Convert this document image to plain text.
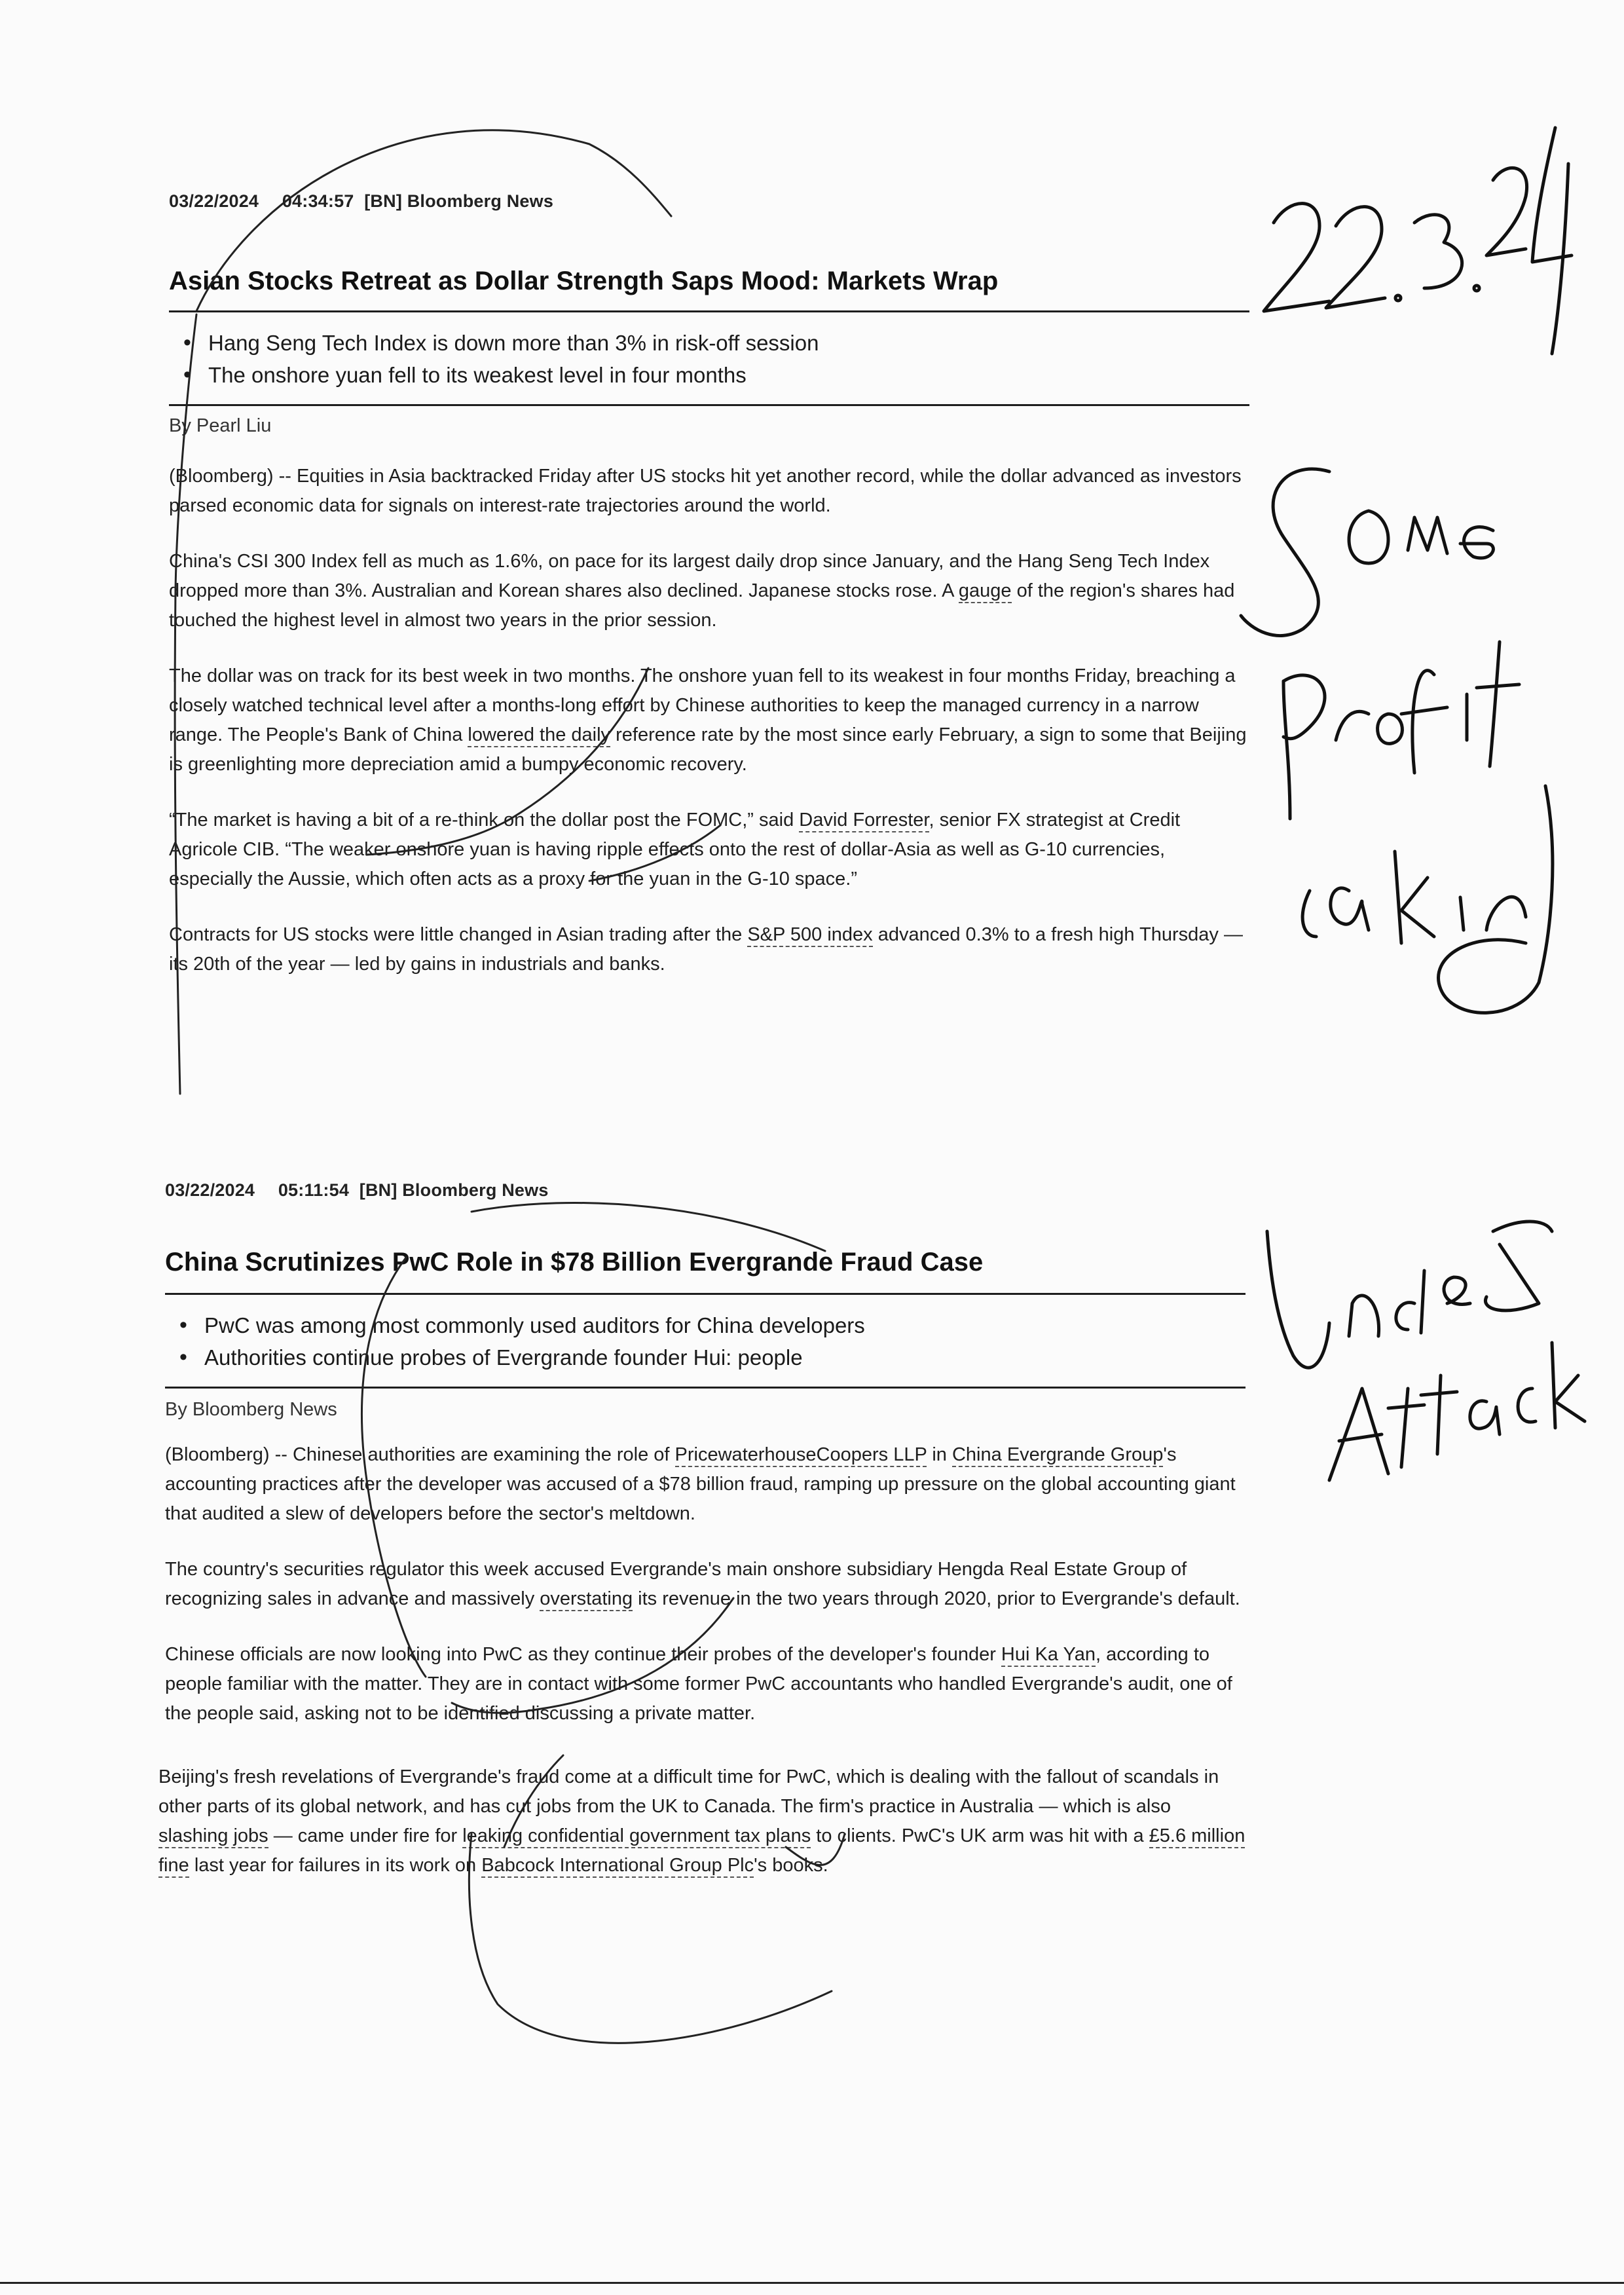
03/22/2024 04:34:57 [BN] Bloomberg News
Asian Stocks Retreat as Dollar Strength Saps Mood: Markets Wrap
• Hang Seng Tech Index is down more than 3% in risk-off session
• The onshore yuan fell to its weakest level in four months
By Pearl Liu

(Bloomberg) -- Equities in Asia backtracked Friday after US stocks hit yet another record, while the dollar advanced as investors parsed economic data for signals on interest-rate trajectories around the world.

China's CSI 300 Index fell as much as 1.6%, on pace for its largest daily drop since January, and the Hang Seng Tech Index dropped more than 3%. Australian and Korean shares also declined. Japanese stocks rose. A gauge of the region's shares had touched the highest level in almost two years in the prior session.

The dollar was on track for its best week in two months. The onshore yuan fell to its weakest in four months Friday, breaching a closely watched technical level after a months-long effort by Chinese authorities to keep the managed currency in a narrow range. The People's Bank of China lowered the daily reference rate by the most since early February, a sign to some that Beijing is greenlighting more depreciation amid a bumpy economic recovery.

“The market is having a bit of a re-think on the dollar post the FOMC,” said David Forrester, senior FX strategist at Credit Agricole CIB. “The weaker onshore yuan is having ripple effects onto the rest of dollar-Asia as well as G-10 currencies, especially the Aussie, which often acts as a proxy for the yuan in the G-10 space.”

Contracts for US stocks were little changed in Asian trading after the S&P 500 index advanced 0.3% to a fresh high Thursday — its 20th of the year — led by gains in industrials and banks.

03/22/2024 05:11:54 [BN] Bloomberg News
China Scrutinizes PwC Role in $78 Billion Evergrande Fraud Case
• PwC was among most commonly used auditors for China developers
• Authorities continue probes of Evergrande founder Hui: people
By Bloomberg News

(Bloomberg) -- Chinese authorities are examining the role of PricewaterhouseCoopers LLP in China Evergrande Group's accounting practices after the developer was accused of a $78 billion fraud, ramping up pressure on the global accounting giant that audited a slew of developers before the sector's meltdown.

The country's securities regulator this week accused Evergrande's main onshore subsidiary Hengda Real Estate Group of recognizing sales in advance and massively overstating its revenue in the two years through 2020, prior to Evergrande's default.

Chinese officials are now looking into PwC as they continue their probes of the developer's founder Hui Ka Yan, according to people familiar with the matter. They are in contact with some former PwC accountants who handled Evergrande's audit, one of the people said, asking not to be identified discussing a private matter.

Beijing's fresh revelations of Evergrande's fraud come at a difficult time for PwC, which is dealing with the fallout of scandals in other parts of its global network, and has cut jobs from the UK to Canada. The firm's practice in Australia — which is also slashing jobs — came under fire for leaking confidential government tax plans to clients. PwC's UK arm was hit with a £5.6 million fine last year for failures in its work on Babcock International Group Plc's books.
